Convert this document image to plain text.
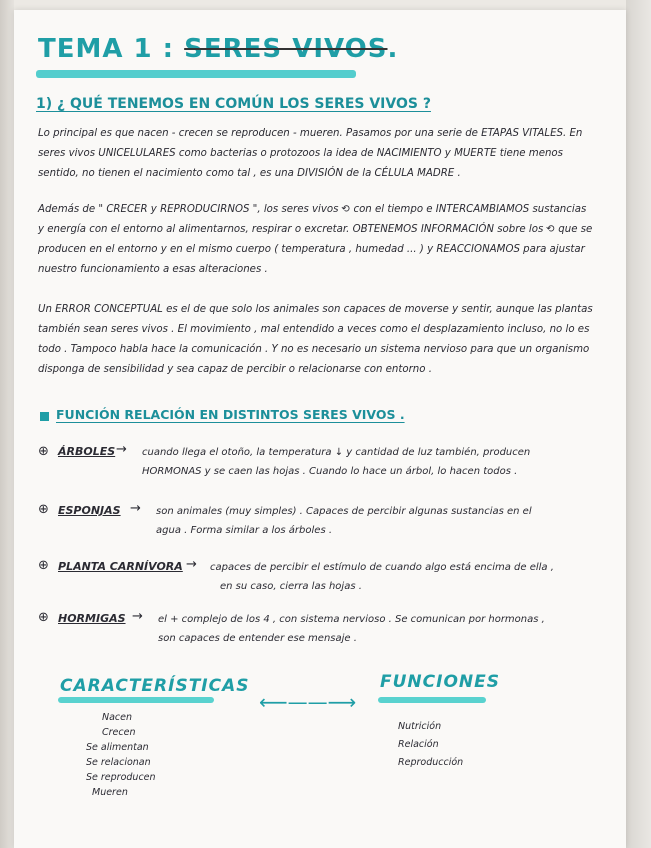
TEMA 1 : SERES VIVOS.
1) ¿ QUÉ TENEMOS EN COMÚN LOS SERES VIVOS ?
Lo principal es que nacen - crecen se reproducen - mueren. Pasamos por una serie de ETAPAS VITALES. En seres vivos UNICELULARES como bacterias o protozoos la idea de NACIMIENTO y MUERTE tiene menos sentido, no tienen el nacimiento como tal , es una DIVISIÓN de la CÉLULA MADRE .
Además de " CRECER y REPRODUCIRNOS ", los seres vivos ⟲ con el tiempo e INTERCAMBIAMOS sustancias y energía con el entorno al alimentarnos, respirar o excretar. OBTENEMOS INFORMACIÓN sobre los ⟲ que se producen en el entorno y en el mismo cuerpo ( temperatura , humedad ... ) y REACCIONAMOS para ajustar nuestro funcionamiento a esas alteraciones .
Un ERROR CONCEPTUAL es el de que solo los animales son capaces de moverse y sentir, aunque las plantas también sean seres vivos . El movimiento , mal entendido a veces como el desplazamiento incluso, no lo es todo . Tampoco habla hace la comunicación . Y no es necesario un sistema nervioso para que un organismo disponga de sensibilidad y sea capaz de percibir o relacionarse con entorno .
FUNCIÓN RELACIÓN EN DISTINTOS SERES VIVOS .
⊕ ÁRBOLES → cuando llega el otoño, la temperatura ↓ y cantidad de luz también, producen
HORMONAS y se caen las hojas . Cuando lo hace un árbol, lo hacen todos .
⊕ ESPONJAS → son animales (muy simples) . Capaces de percibir algunas sustancias en el
agua . Forma similar a los árboles .
⊕ PLANTA CARNÍVORA → capaces de percibir el estímulo de cuando algo está encima de ella ,
en su caso, cierra las hojas .
⊕ HORMIGAS → el + complejo de los 4 , con sistema nervioso . Se comunican por hormonas ,
son capaces de entender ese mensaje .
CARACTERÍSTICAS
⟵——⟶
FUNCIONES
Nacen
Crecen
Se alimentan
Se relacionan
Se reproducen
Mueren
Nutrición
Relación
Reproducción
